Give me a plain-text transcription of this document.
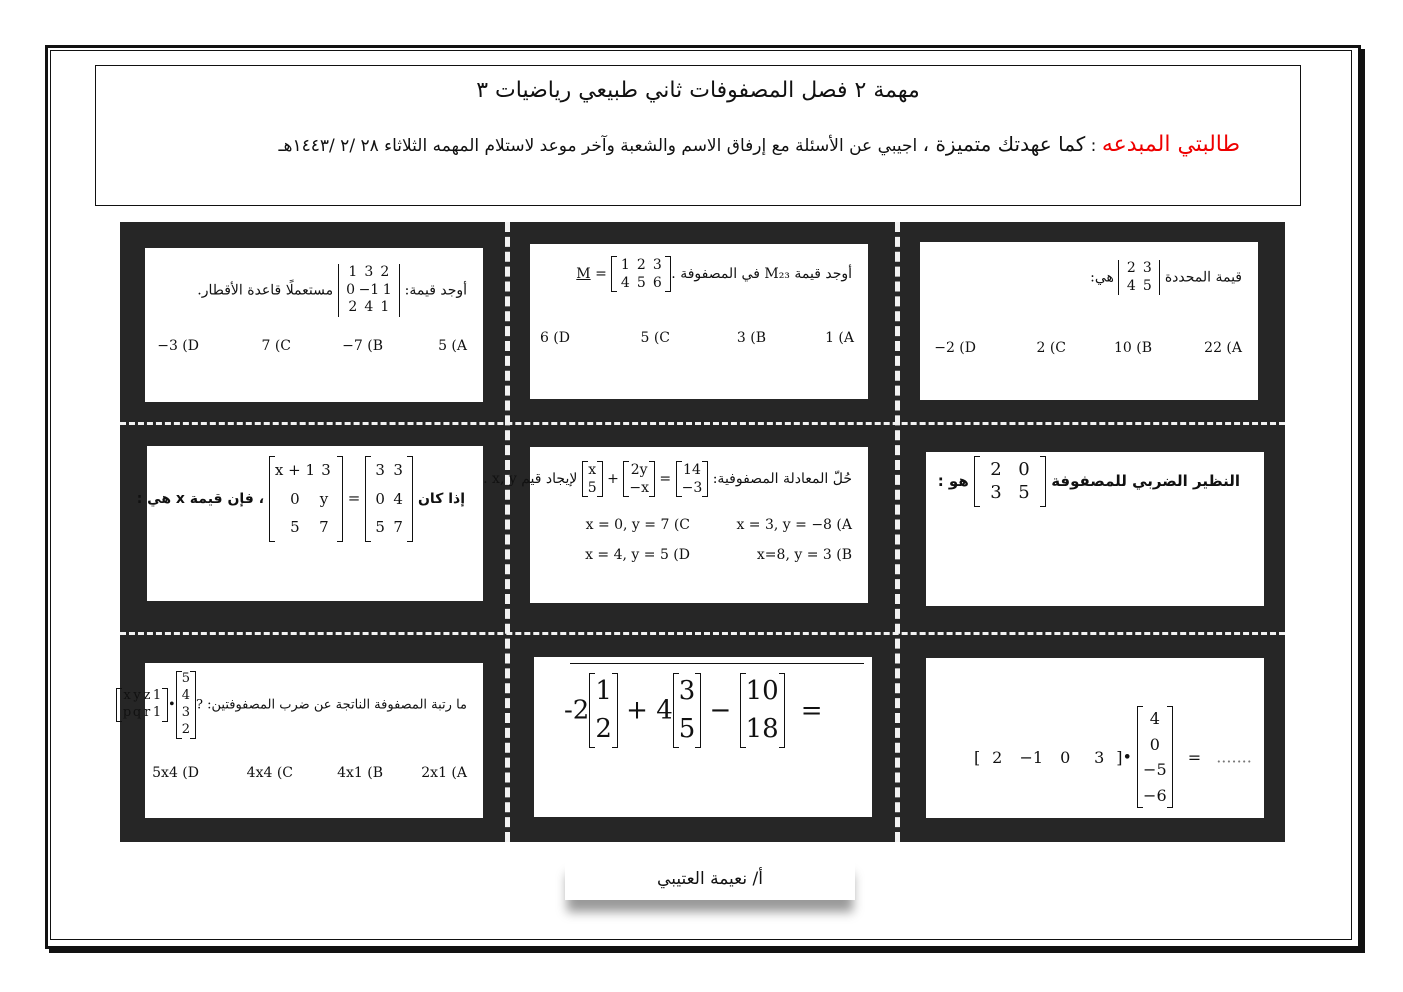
مهمة ٢ فصل المصفوفات ثاني طبيعي رياضيات ٣
طالبتي المبدعه : كما عهدتك متميزة ، اجيبي عن الأسئلة مع إرفاق الاسم والشعبة وآخر موعد لاستلام المهمه الثلاثاء ٢٨ /٢ /١٤٤٣هـ
قيمة المحددة
2 3
4 5
هي:
22 (A
10 (B
2 (C
−2 (D
أوجد قيمة M₂₃ في المصفوفة M =
1 2 3
4 5 6
.
1 (A
3 (B
5 (C
6 (D
أوجد قيمة:
1 3 2
0 −1 1
2 4 1
مستعملًا قاعدة الأقطار.
5 (A
−7 (B
7 (C
−3 (D
النظير الضربي للمصفوفة
2 0
3 5
هو :
حُلّ المعادلة المصفوفية:
x
5
+
2y
−x
=
14
−3
لإيجاد قيم x, y .
x = 3, y = −8 (A
x = 0, y = 7 (C
x=8, y = 3 (B
x = 4, y = 5 (D
إذا كان
x + 1 3
0 y
5 7
=
3 3
0 4
5 7
، فإن قيمة x هي :
[ 2 −1 0 3 ]•
4
0
−5
−6
= .......
-2
1
2
+ 4
3
5
−
10
18
=
ما رتبة المصفوفة الناتجة عن ضرب المصفوفتين:
x y z 1
p q r 1 •
5
4
3
2
?
2x1 (A
4x1 (B
4x4 (C
5x4 (D
أ/ نعيمة العتيبي
